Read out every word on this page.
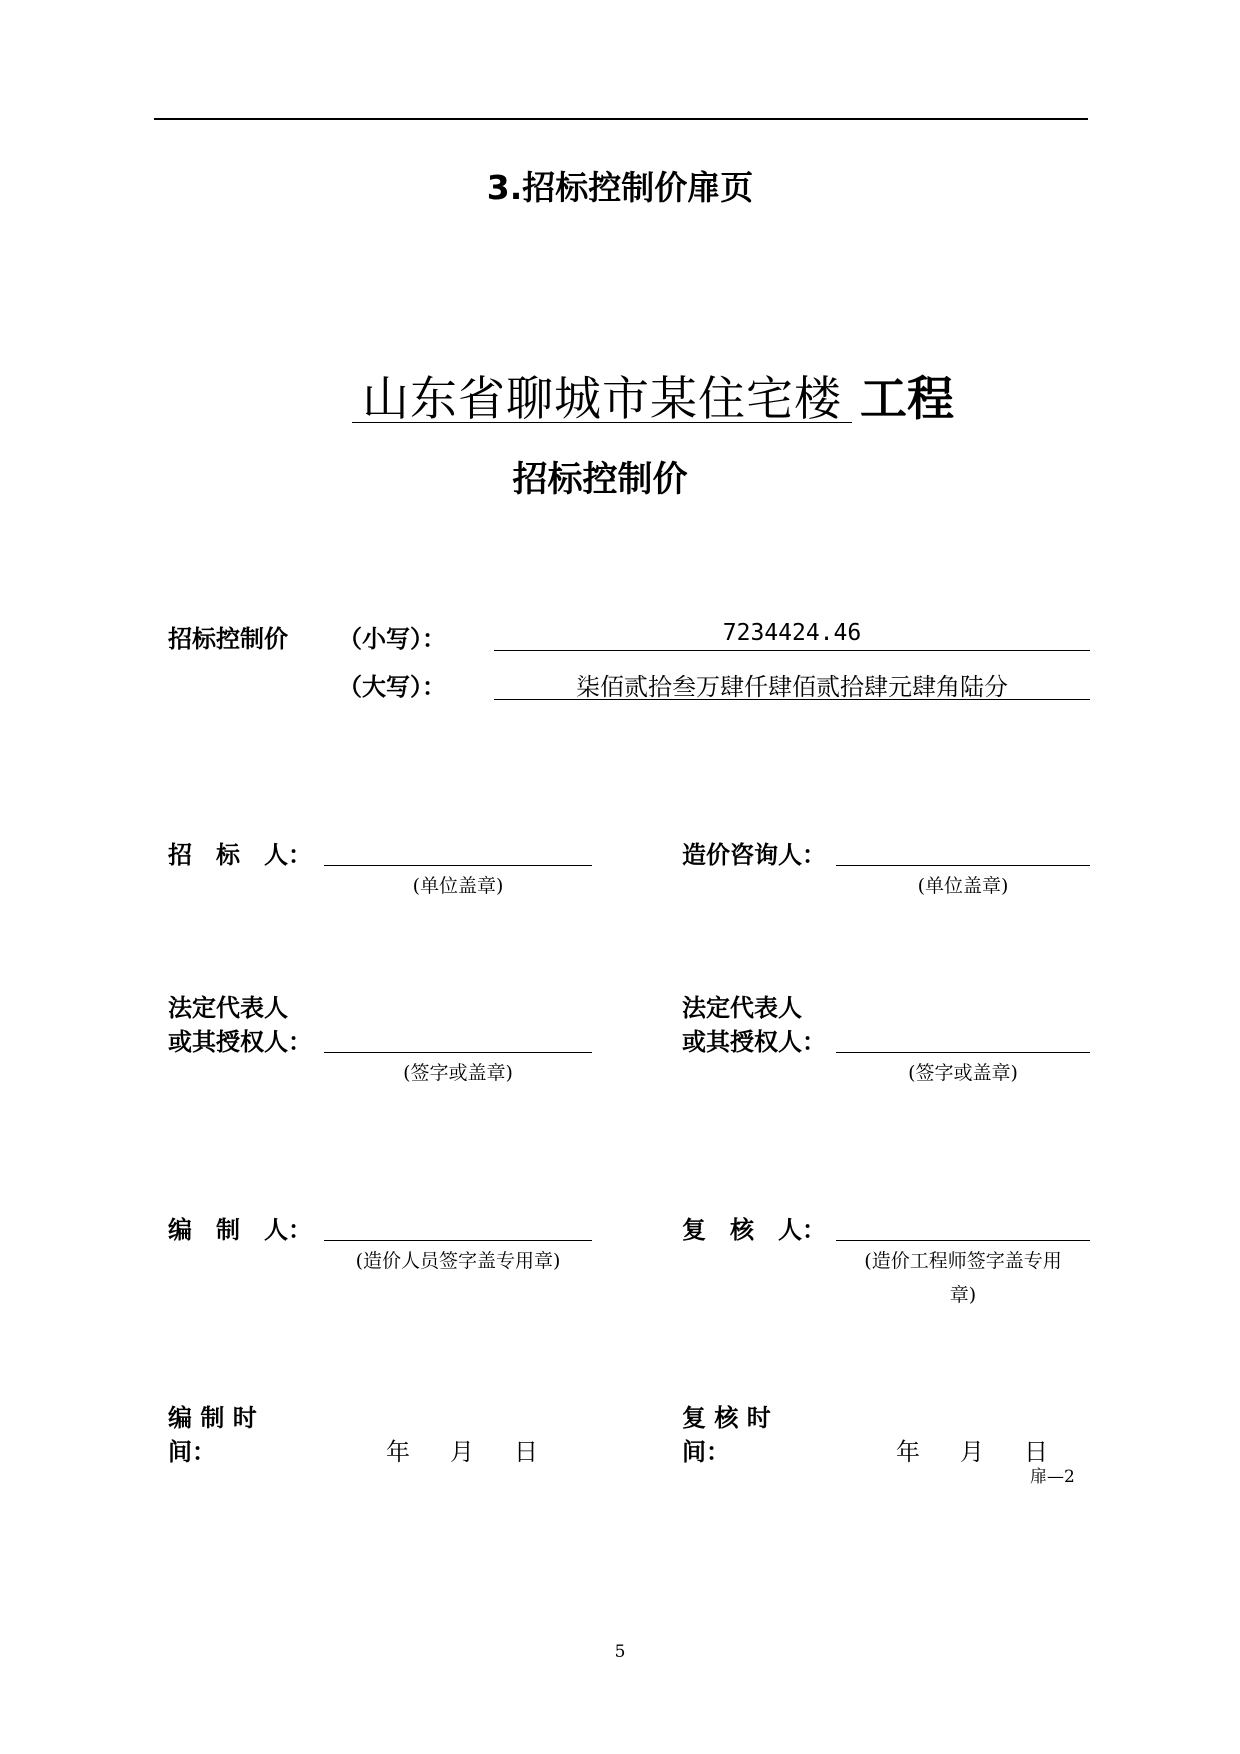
3.招标控制价扉页
山东省聊城市某住宅楼 工程
招标控制价
招标控制价 （小写）：	7234424.46
（大写）：	柒佰贰拾叁万肆仟肆佰贰拾肆元肆角陆分
招　标　人：
(单位盖章)
造价咨询人：
(单位盖章)
法定代表人
或其授权人：
(签字或盖章)
法定代表人
或其授权人：
(签字或盖章)
编　制　人：
(造价人员签字盖专用章)
复　核　人：
(造价工程师签字盖专用
章)
编 制 时
间：	年 月 日
复 核 时
间：	年 月 日
扉—2
5
